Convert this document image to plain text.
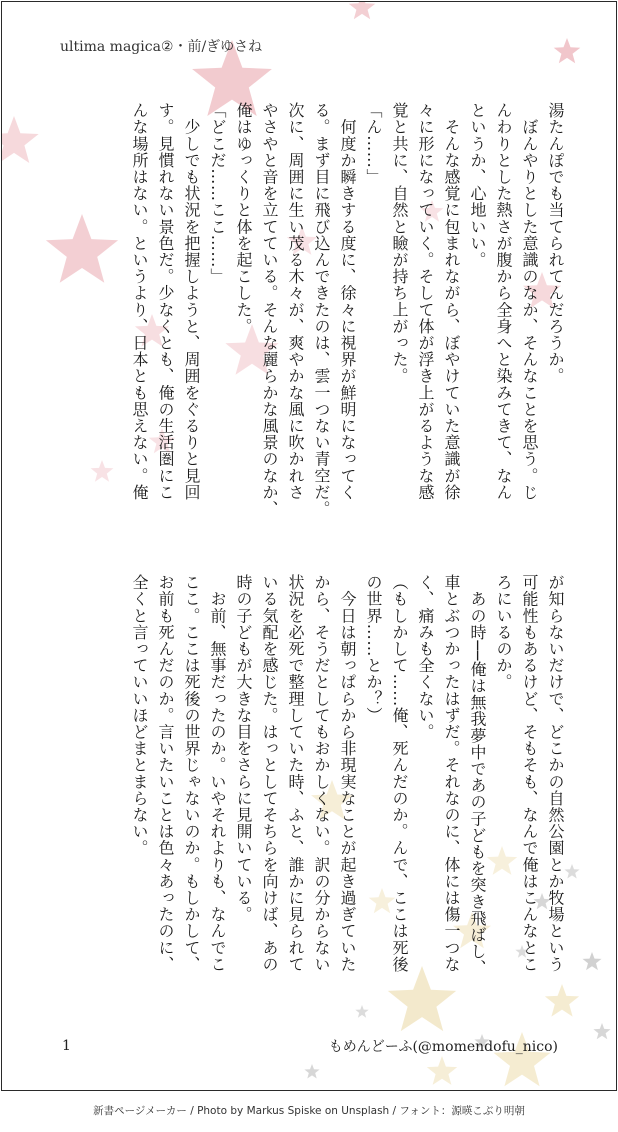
ultima magica②・前/ぎゆさね
湯たんぽでも当てられてんだろうか。
　ぼんやりとした意識のなか、そんなことを思う。じ
んわりとした熱さが腹から全身へと染みてきて、なん
というか、心地いい。
　そんな感覚に包まれながら、ぼやけていた意識が徐
々に形になっていく。そして体が浮き上がるような感
覚と共に、自然と瞼が持ち上がった。
「ん……」
　何度か瞬きする度に、徐々に視界が鮮明になってく
る。まず目に飛び込んできたのは、雲一つない青空だ。
次に、周囲に生い茂る木々が、爽やかな風に吹かれさ
やさやと音を立てている。そんな麗らかな風景のなか、
俺はゆっくりと体を起こした。
「どこだ……ここ……」
　少しでも状況を把握しようと、周囲をぐるりと見回
す。見慣れない景色だ。少なくとも、俺の生活圏にこ
んな場所はない。というより、日本とも思えない。俺
が知らないだけで、どこかの自然公園とか牧場という
可能性もあるけど、そもそも、なんで俺はこんなとこ
ろにいるのか。
　あの時──俺は無我夢中であの子どもを突き飛ばし、
車とぶつかったはずだ。それなのに、体には傷一つな
く、痛みも全くない。
（もしかして……俺、死んだのか。んで、ここは死後
の世界……とか？）
　今日は朝っぱらから非現実なことが起き過ぎていた
から、そうだとしてもおかしくない。訳の分からない
状況を必死で整理していた時、ふと、誰かに見られて
いる気配を感じた。はっとしてそちらを向けば、あの
時の子どもが大きな目をさらに見開いている。
　お前、無事だったのか。いやそれよりも、なんでこ
ここ。ここは死後の世界じゃないのか。もしかして、
お前も死んだのか。言いたいことは色々あったのに、
全くと言っていいほどまとまらない。
1	もめんどーふ(@momendofu_nico)
新書ページメーカー / Photo by Markus Spiske on Unsplash / フォント：源暎こぶり明朝
